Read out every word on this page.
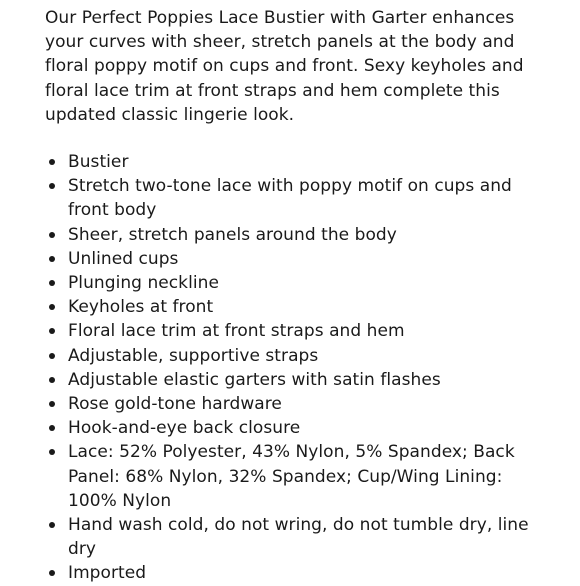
Our Perfect Poppies Lace Bustier with Garter enhances your curves with sheer, stretch panels at the body and floral poppy motif on cups and front. Sexy keyholes and floral lace trim at front straps and hem complete this updated classic lingerie look.

Bustier
Stretch two-tone lace with poppy motif on cups and front body
Sheer, stretch panels around the body
Unlined cups
Plunging neckline
Keyholes at front
Floral lace trim at front straps and hem
Adjustable, supportive straps
Adjustable elastic garters with satin flashes
Rose gold-tone hardware
Hook-and-eye back closure
Lace: 52% Polyester, 43% Nylon, 5% Spandex; Back Panel: 68% Nylon, 32% Spandex; Cup/Wing Lining: 100% Nylon
Hand wash cold, do not wring, do not tumble dry, line dry
Imported
